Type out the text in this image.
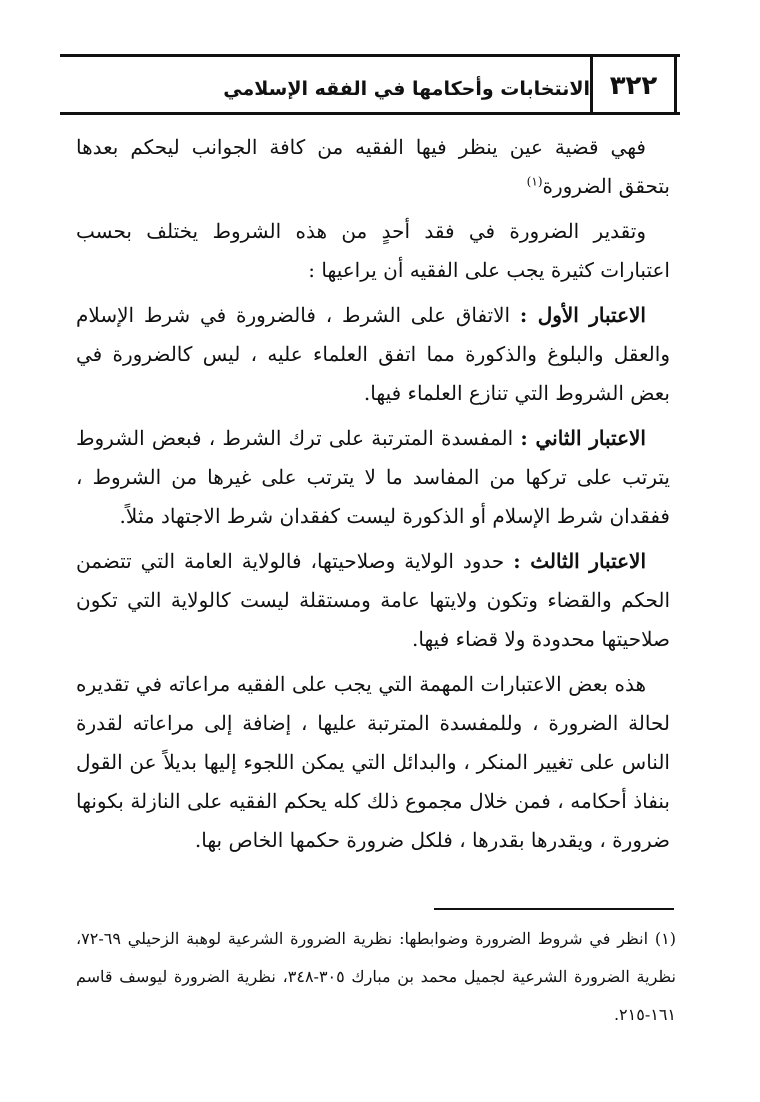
٣٢٢
الانتخابات وأحكامها في الفقه الإسلامي

فهي قضية عين ينظر فيها الفقيه من كافة الجوانب ليحكم بعدها بتحقق الضرورة$^{(١)}$

وتقدير الضرورة في فقد أحدٍ من هذه الشروط يختلف بحسب اعتبارات كثيرة يجب على الفقيه أن يراعيها :

الاعتبار الأول : الاتفاق على الشرط ، فالضرورة في شرط الإسلام والعقل والبلوغ والذكورة مما اتفق العلماء عليه ، ليس كالضرورة في بعض الشروط التي تنازع العلماء فيها.

الاعتبار الثاني : المفسدة المترتبة على ترك الشرط ، فبعض الشروط يترتب على تركها من المفاسد ما لا يترتب على غيرها من الشروط ، ففقدان شرط الإسلام أو الذكورة ليست كفقدان شرط الاجتهاد مثلاً.

الاعتبار الثالث : حدود الولاية وصلاحيتها، فالولاية العامة التي تتضمن الحكم والقضاء وتكون ولايتها عامة ومستقلة ليست كالولاية التي تكون صلاحيتها محدودة ولا قضاء فيها.

هذه بعض الاعتبارات المهمة التي يجب على الفقيه مراعاته في تقديره لحالة الضرورة ، وللمفسدة المترتبة عليها ، إضافة إلى مراعاته لقدرة الناس على تغيير المنكر ، والبدائل التي يمكن اللجوء إليها بديلاً عن القول بنفاذ أحكامه ، فمن خلال مجموع ذلك كله يحكم الفقيه على النازلة بكونها ضرورة ، ويقدرها بقدرها ، فلكل ضرورة حكمها الخاص بها.

(١) انظر في شروط الضرورة وضوابطها: نظرية الضرورة الشرعية لوهبة الزحيلي ٦٩-٧٢، نظرية الضرورة الشرعية لجميل محمد بن مبارك ٣٠٥-٣٤٨، نظرية الضرورة ليوسف قاسم ١٦١-٢١٥.
